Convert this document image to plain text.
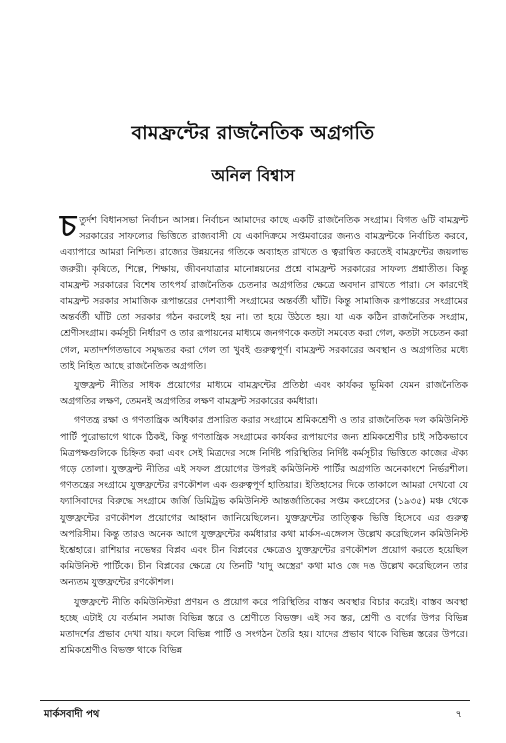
বামফ্রন্টের রাজনৈতিক অগ্রগতি
অনিল বিশ্বাস

চতুর্দশ বিধানসভা নির্বাচন আসন্ন। নির্বাচন আমাদের কাছে একটি রাজনৈতিক সংগ্রাম। বিগত ৬টি বামফ্রন্ট সরকারের সাফল্যের ভিত্তিতে রাজ্যবাসী যে একাদিক্রমে সপ্তমবারের জন্যও বামফ্রন্টকে নির্বাচিত করবে, এব্যাপারে আমরা নিশ্চিত। রাজ্যের উন্নয়নের গতিকে অব্যাহত রাখতে ও ত্বরান্বিত করতেই বামফ্রন্টের জয়লাভ জরুরী। কৃষিতে, শিল্পে, শিক্ষায়, জীবনযাত্রার মানোন্নয়নের প্রশ্নে বামফ্রন্ট সরকারের সাফল্য প্রশ্নাতীত। কিন্তু বামফ্রন্ট সরকারের বিশেষ তাৎপর্য রাজনৈতিক চেতনার অগ্রগতির ক্ষেত্রে অবদান রাখতে পারা। সে কারণেই বামফ্রন্ট সরকার সামাজিক রূপান্তরের দেশব্যাপী সংগ্রামের অন্তর্বর্তী ঘাঁটি। কিন্তু সামাজিক রূপান্তরের সংগ্রামের অন্তর্বর্তী ঘাঁটি তো সরকার গঠন করলেই হয় না। তা হয়ে উঠতে হয়। যা এক কঠিন রাজনৈতিক সংগ্রাম, শ্রেণীসংগ্রাম। কর্মসূচী নির্ধারণ ও তার রূপায়নের মাধ্যমে জনগণকে কতটা সমবেত করা গেল, কতটা সচেতন করা গেল, মতাদর্শগতভাবে সমৃদ্ধতর করা গেল তা খুবই গুরুত্বপূর্ণ। বামফ্রন্ট সরকারের অবস্থান ও অগ্রগতির মধ্যে তাই নিহিত আছে রাজনৈতিক অগ্রগতি।

যুক্তফ্রন্ট নীতির সাধক প্রয়োগের মাধ্যমে বামফ্রন্টের প্রতিষ্ঠা এবং কার্যকর ভূমিকা যেমন রাজনৈতিক অগ্রগতির লক্ষণ, তেমনই অগ্রগতির লক্ষণ বামফ্রন্ট সরকারের কর্মধারা।

গণতন্ত্র রক্ষা ও গণতান্ত্রিক অধিকার প্রসারিত করার সংগ্রামে শ্রমিকশ্রেণী ও তার রাজনৈতিক দল কমিউনিস্ট পার্টি পুরোভাগে থাকে ঠিকই, কিন্তু গণতান্ত্রিক সংগ্রামের কার্যকর রূপায়ণের জন্য শ্রমিকশ্রেণীর চাই সঠিকভাবে মিত্রপক্ষগুলিকে চিহ্নিত করা এবং সেই মিত্রদের সঙ্গে নির্দিষ্ট পরিস্থিতির নির্দিষ্ট কর্মসূচীর ভিত্তিতে কাজের ঐক্য গড়ে তোলা। যুক্তফ্রন্ট নীতির এই সফল প্রয়োগের উপরই কমিউনিস্ট পার্টির অগ্রগতি অনেকাংশে নির্ভরশীল। গণতন্ত্রের সংগ্রামে যুক্তফ্রন্টের রণকৌশল এক গুরুত্বপূর্ণ হাতিয়ার। ইতিহাসের দিকে তাকালে আমরা দেখবো যে ফ্যাসিবাদের বিরুদ্ধে সংগ্রামে জর্জি ডিমিট্রভ কমিউনিস্ট আন্তর্জাতিকের সপ্তম কংগ্রেসের (১৯৩৫) মঞ্চ থেকে যুক্তফ্রন্টের রণকৌশল প্রয়োগের আহ্বান জানিয়েছিলেন। যুক্তফ্রন্টের তাত্ত্বিক ভিত্তি হিসেবে এর গুরুত্ব অপরিসীম। কিন্তু তারও অনেক আগে যুক্তফ্রন্টের কর্মধারার কথা মার্কস-এঙ্গেলস উল্লেখ করেছিলেন কমিউনিস্ট ইশ্তেহারে। রাশিয়ার নভেম্বর বিপ্লব এবং চীন বিপ্লবের ক্ষেত্রেও যুক্তফ্রন্টের রণকৌশল প্রয়োগ করতে হয়েছিল কমিউনিস্ট পার্টিকে। চীন বিপ্লবের ক্ষেত্রে যে তিনটি 'যাদু অস্ত্রের' কথা মাও জে দঙ উল্লেখ করেছিলেন তার অন্যতম যুক্তফ্রন্টের রণকৌশল।

যুক্তফ্রন্টে নীতি কমিউনিস্টরা প্রণয়ন ও প্রয়োগ করে পরিস্থিতির বাস্তব অবস্থার বিচার করেই। বাস্তব অবস্থা হচ্ছে এটাই যে বর্তমান সমাজ বিভিন্ন স্তরে ও শ্রেণীতে বিভক্ত। এই সব স্তর, শ্রেণী ও বর্গের উপর বিভিন্ন মতাদর্শের প্রভাব দেখা যায়। ফলে বিভিন্ন পার্টি ও সংগঠন তৈরি হয়। যাদের প্রভাব থাকে বিভিন্ন স্তরের উপরে। শ্রমিকশ্রেণীও বিভক্ত থাকে বিভিন্ন

মার্কসবাদী পথ	৭
